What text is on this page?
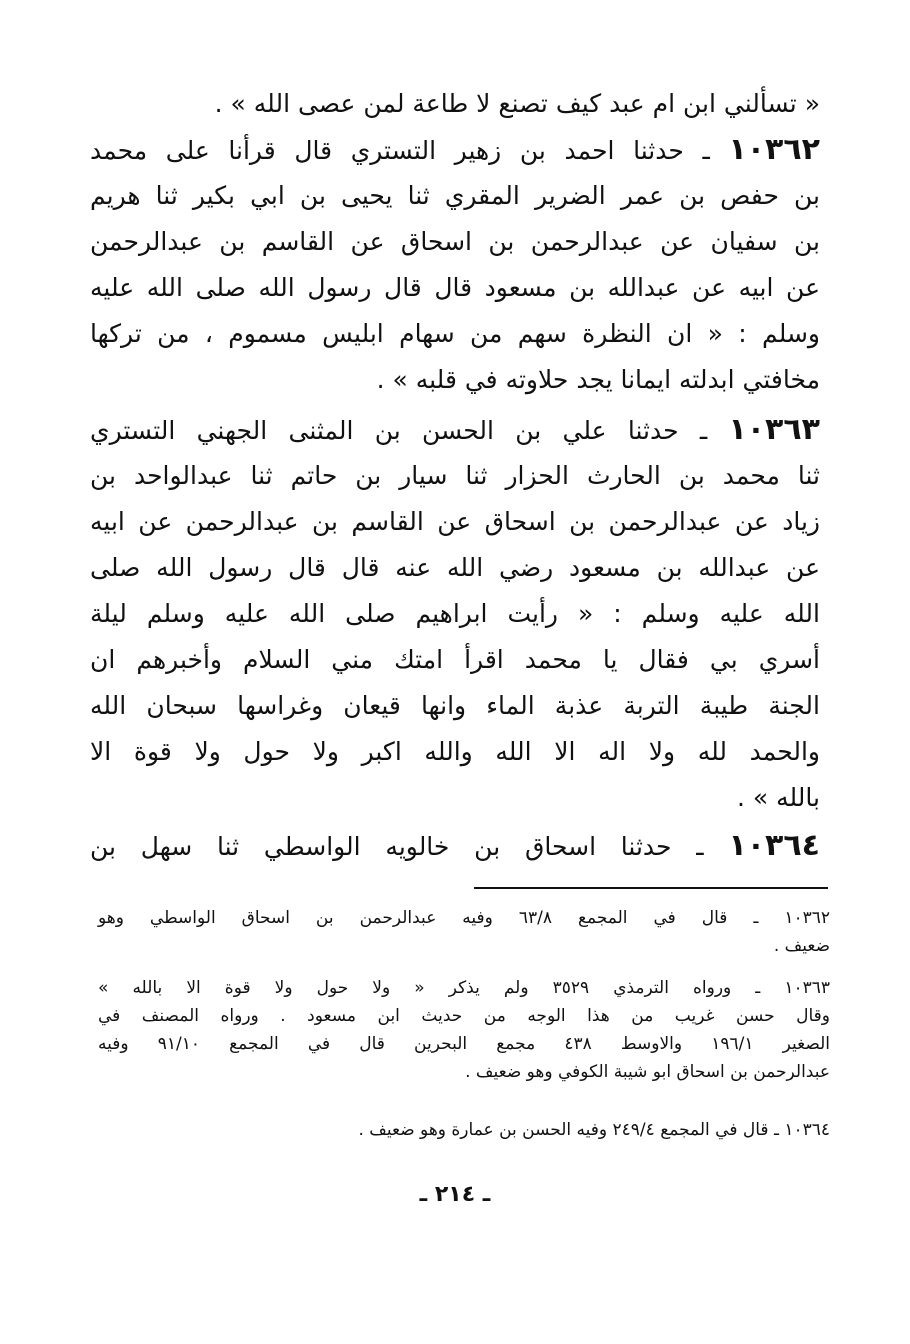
« تسألني ابن ام عبد كيف تصنع لا طاعة لمن عصى الله » .
١٠٣٦٢ ـ حدثنا احمد بن زهير التستري قال قرأنا على محمد
بن حفص بن عمر الضرير المقري ثنا يحيى بن ابي بكير ثنا هريم
بن سفيان عن عبدالرحمن بن اسحاق عن القاسم بن عبدالرحمن
عن ابيه عن عبدالله بن مسعود قال قال رسول الله صلى الله عليه
وسلم : « ان النظرة سهم من سهام ابليس مسموم ، من تركها
مخافتي ابدلته ايمانا يجد حلاوته في قلبه » .
١٠٣٦٣ ـ حدثنا علي بن الحسن بن المثنى الجهني التستري
ثنا محمد بن الحارث الحزار ثنا سيار بن حاتم ثنا عبدالواحد بن
زياد عن عبدالرحمن بن اسحاق عن القاسم بن عبدالرحمن عن ابيه
عن عبدالله بن مسعود رضي الله عنه قال قال رسول الله صلى
الله عليه وسلم : « رأيت ابراهيم صلى الله عليه وسلم ليلة
أسري بي فقال يا محمد اقرأ امتك مني السلام وأخبرهم ان
الجنة طيبة التربة عذبة الماء وانها قيعان وغراسها سبحان الله
والحمد لله ولا اله الا الله والله اكبر ولا حول ولا قوة الا
بالله » .
١٠٣٦٤ ـ حدثنا اسحاق بن خالويه الواسطي ثنا سهل بن
١٠٣٦٢ ـ قال في المجمع ٦٣/٨ وفيه عبدالرحمن بن اسحاق الواسطي وهو
ضعيف .
١٠٣٦٣ ـ ورواه الترمذي ٣٥٢٩ ولم يذكر « ولا حول ولا قوة الا بالله »
وقال حسن غريب من هذا الوجه من حديث ابن مسعود . ورواه المصنف في
الصغير ١٩٦/١ والاوسط ٤٣٨ مجمع البحرين قال في المجمع ٩١/١٠ وفيه
عبدالرحمن بن اسحاق ابو شيبة الكوفي وهو ضعيف .
١٠٣٦٤ ـ قال في المجمع ٢٤٩/٤ وفيه الحسن بن عمارة وهو ضعيف .
ـ ٢١٤ ـ
